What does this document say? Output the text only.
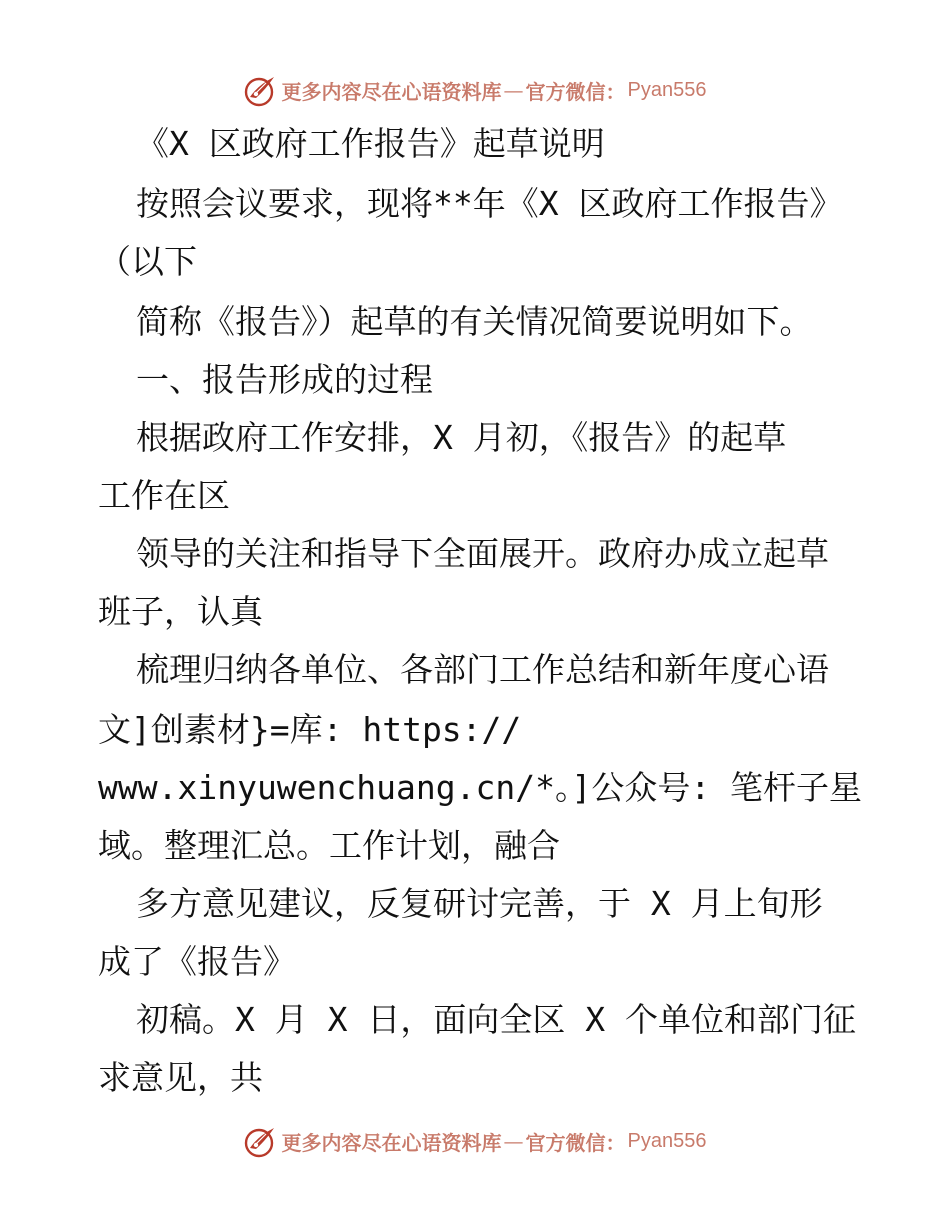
更多内容尽在心语资料库 — 官方微信： Pyan556
《X 区政府工作报告》起草说明
按照会议要求，现将**年《X 区政府工作报告》
（以下
简称《报告》）起草的有关情况简要说明如下。
一、报告形成的过程
根据政府工作安排，X 月初，《报告》的起草
工作在区
领导的关注和指导下全面展开。政府办成立起草
班子，认真
梳理归纳各单位、各部门工作总结和新年度心语
文]创素材}=库: https://
www.xinyuwenchuang.cn/*。]公众号: 笔杆子星
域。整理汇总。工作计划，融合
多方意见建议，反复研讨完善，于 X 月上旬形
成了《报告》
初稿。X 月 X 日，面向全区 X 个单位和部门征
求意见，共
更多内容尽在心语资料库 — 官方微信： Pyan556
